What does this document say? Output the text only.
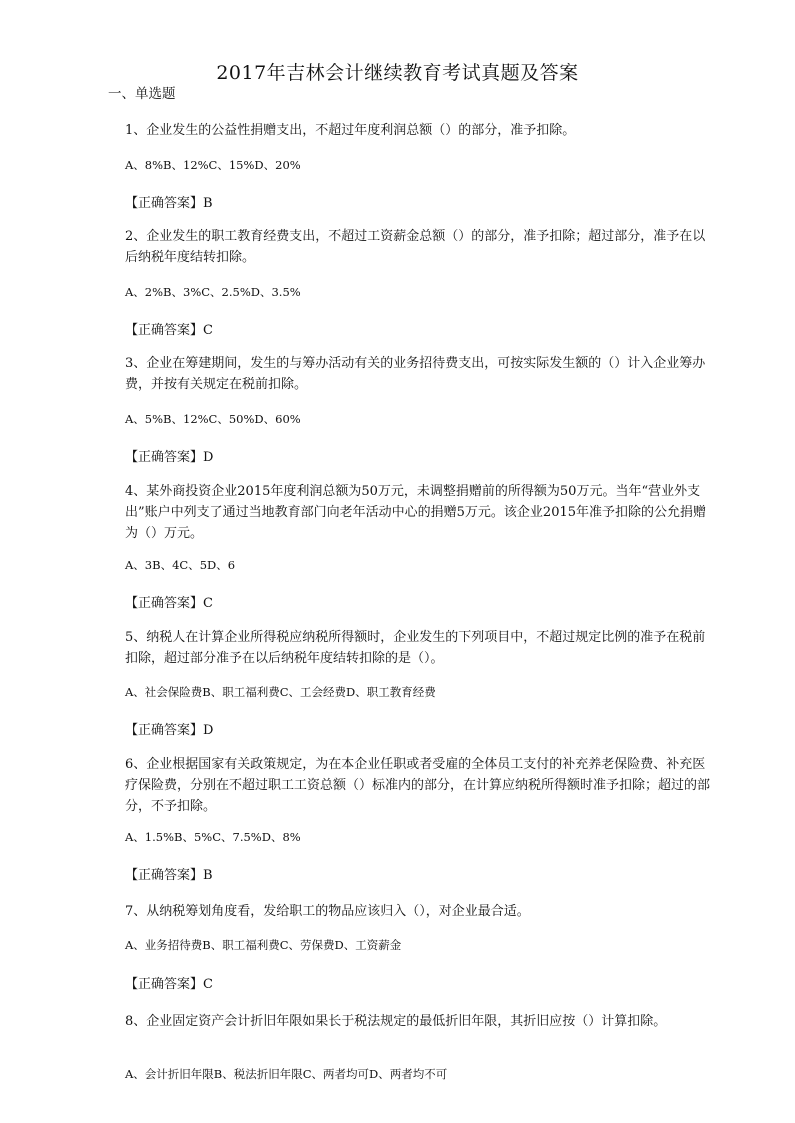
2017年吉林会计继续教育考试真题及答案

一、单选题

1、企业发生的公益性捐赠支出，不超过年度利润总额（）的部分，准予扣除。

A、8%B、12%C、15%D、20%

【正确答案】B

2、企业发生的职工教育经费支出，不超过工资薪金总额（）的部分，准予扣除；超过部分，准予在以后纳税年度结转扣除。

A、2%B、3%C、2.5%D、3.5%

【正确答案】C

3、企业在筹建期间，发生的与筹办活动有关的业务招待费支出，可按实际发生额的（）计入企业筹办费，并按有关规定在税前扣除。

A、5%B、12%C、50%D、60%

【正确答案】D

4、某外商投资企业2015年度利润总额为50万元，未调整捐赠前的所得额为50万元。当年“营业外支出”账户中列支了通过当地教育部门向老年活动中心的捐赠5万元。该企业2015年准予扣除的公允捐赠为（）万元。

A、3B、4C、5D、6

【正确答案】C

5、纳税人在计算企业所得税应纳税所得额时，企业发生的下列项目中，不超过规定比例的准予在税前扣除，超过部分准予在以后纳税年度结转扣除的是（）。

A、社会保险费B、职工福利费C、工会经费D、职工教育经费

【正确答案】D

6、企业根据国家有关政策规定，为在本企业任职或者受雇的全体员工支付的补充养老保险费、补充医疗保险费，分别在不超过职工工资总额（）标准内的部分，在计算应纳税所得额时准予扣除；超过的部分，不予扣除。

A、1.5%B、5%C、7.5%D、8%

【正确答案】B

7、从纳税筹划角度看，发给职工的物品应该归入（），对企业最合适。

A、业务招待费B、职工福利费C、劳保费D、工资薪金

【正确答案】C

8、企业固定资产会计折旧年限如果长于税法规定的最低折旧年限，其折旧应按（）计算扣除。

A、会计折旧年限B、税法折旧年限C、两者均可D、两者均不可
